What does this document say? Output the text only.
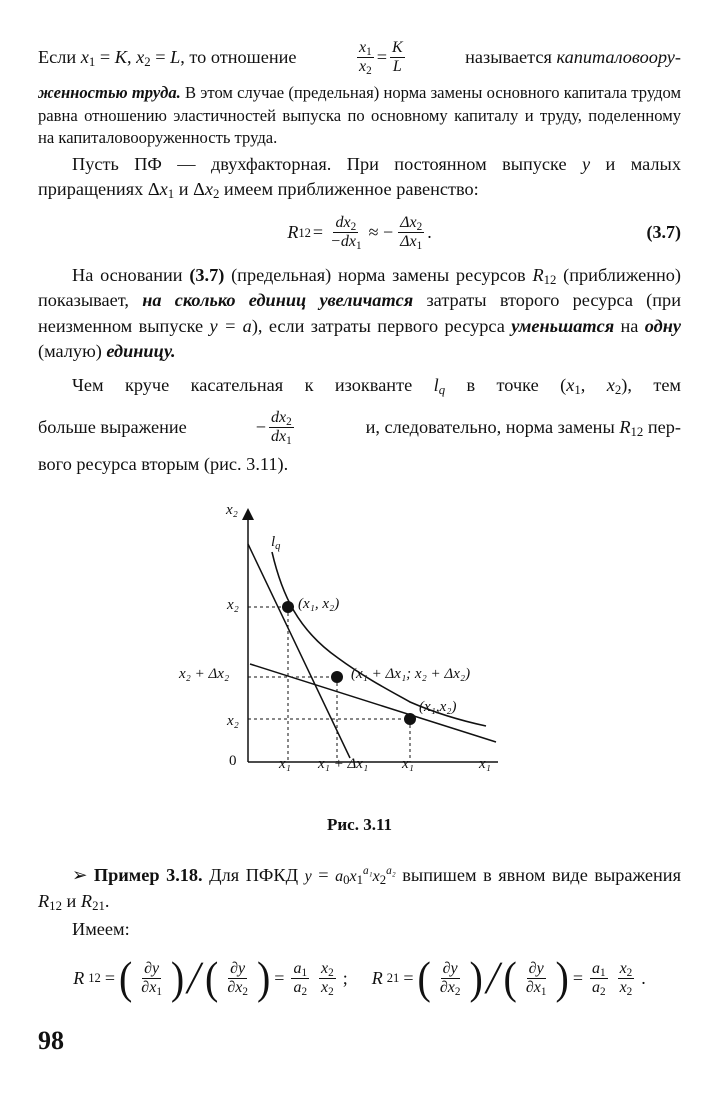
Если $x_1 = K$, $x_2 = L$, то отношение	$\frac{x_1}{x_2} = \frac{K}{L}$	называется капиталовоору-

женностью труда. В этом случае (предельная) норма замены основного капитала трудом равна отношению эластичностей выпуска по основному капиталу и труду, поделенному на капиталовооруженность труда.

Пусть ПФ — двухфакторная. При постоянном выпуске y и малых приращениях $\Delta x_1$ и $\Delta x_2$ имеем приближенное равенство:

R $12 = \frac{dx_2}{-dx_1}$ ≈ − $\frac{\Delta x_2}{\Delta x_1}$ .	(3.7)

На основании (3.7) (предельная) норма замены ресурсов $R_{12}$ (приближенно) показывает, на сколько единиц увеличатся затраты второго ресурса (при неизменном выпуске y = a), если затраты первого ресурса уменьшатся на одну (малую) единицу.

Чем круче касательная к изокванте $l_q$ в точке ($x_1$, $x_2$), тем

больше выражение	− $\frac{dx_2}{dx_1}$	и, следовательно, норма замены $R_{12}$ пер-

вого ресурса вторым (рис. 3.11).

x₂
$l_q$
x₂
x₂ + Δx₂
x₂
0	x₁ x₁ + Δx₁ x₁	x₁
(x₁, x₂)
(x₁ + Δx₁; x₂ + Δx₂)
(x₁,x₂)
Рис. 3.11

➢ Пример 3.18. Для ПФКД $y = a_0x_1^{a_1}x_2^{a_2}$ выпишем в явном виде выражения $R_{12}$ и $R_{21}$.

Имеем:

R 12 = ( $\frac{\partial y}{\partial x_1}$ ) / ( $\frac{\partial y}{\partial x_2}$ ) = $\frac{a_1}{a_2} \frac{x_2}{x_2}$ ; R 21 = ( $\frac{\partial y}{\partial x_2}$ ) / ( $\frac{\partial y}{\partial x_1}$ ) = $\frac{a_1}{a_2} \frac{x_2}{x_2}$ .
98
